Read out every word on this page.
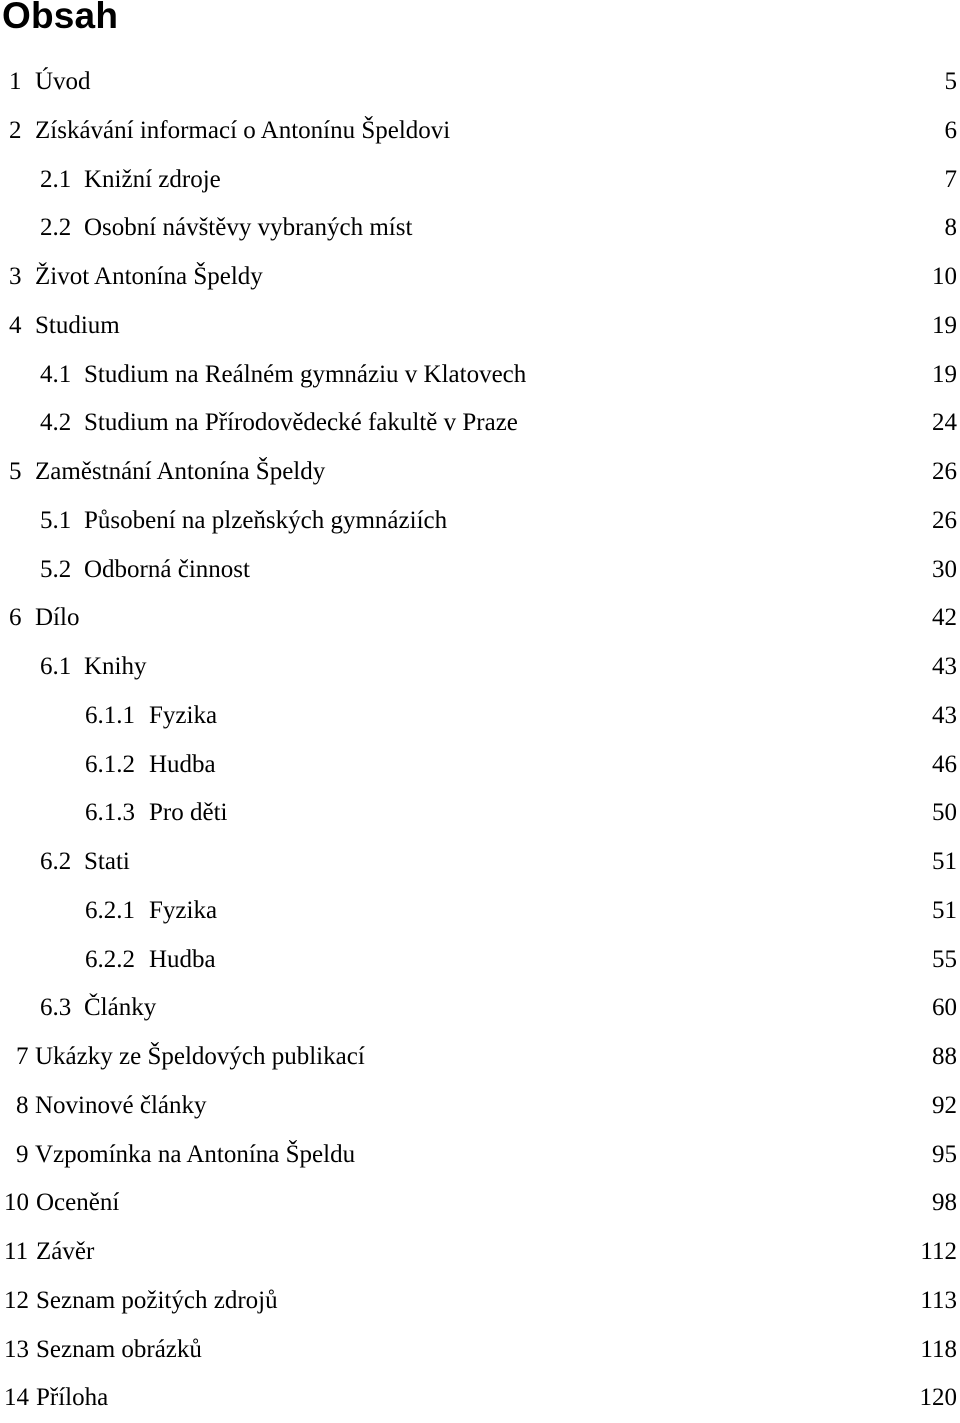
Obsah
1 Úvod	5
2 Získávání informací o Antonínu Špeldovi	6
2.1 Knižní zdroje	7
2.2 Osobní návštěvy vybraných míst	8
3 Život Antonína Špeldy	10
4 Studium	19
4.1 Studium na Reálném gymnáziu v Klatovech	19
4.2 Studium na Přírodovědecké fakultě v Praze	24
5 Zaměstnání Antonína Špeldy	26
5.1 Působení na plzeňských gymnáziích	26
5.2 Odborná činnost	30
6 Dílo	42
6.1 Knihy	43
6.1.1 Fyzika	43
6.1.2 Hudba	46
6.1.3 Pro děti	50
6.2 Stati	51
6.2.1 Fyzika	51
6.2.2 Hudba	55
6.3 Články	60
7 Ukázky ze Špeldových publikací	88
8 Novinové články	92
9 Vzpomínka na Antonína Špeldu	95
10 Ocenění	98
11 Závěr	112
12 Seznam požitých zdrojů	113
13 Seznam obrázků	118
14 Příloha	120
